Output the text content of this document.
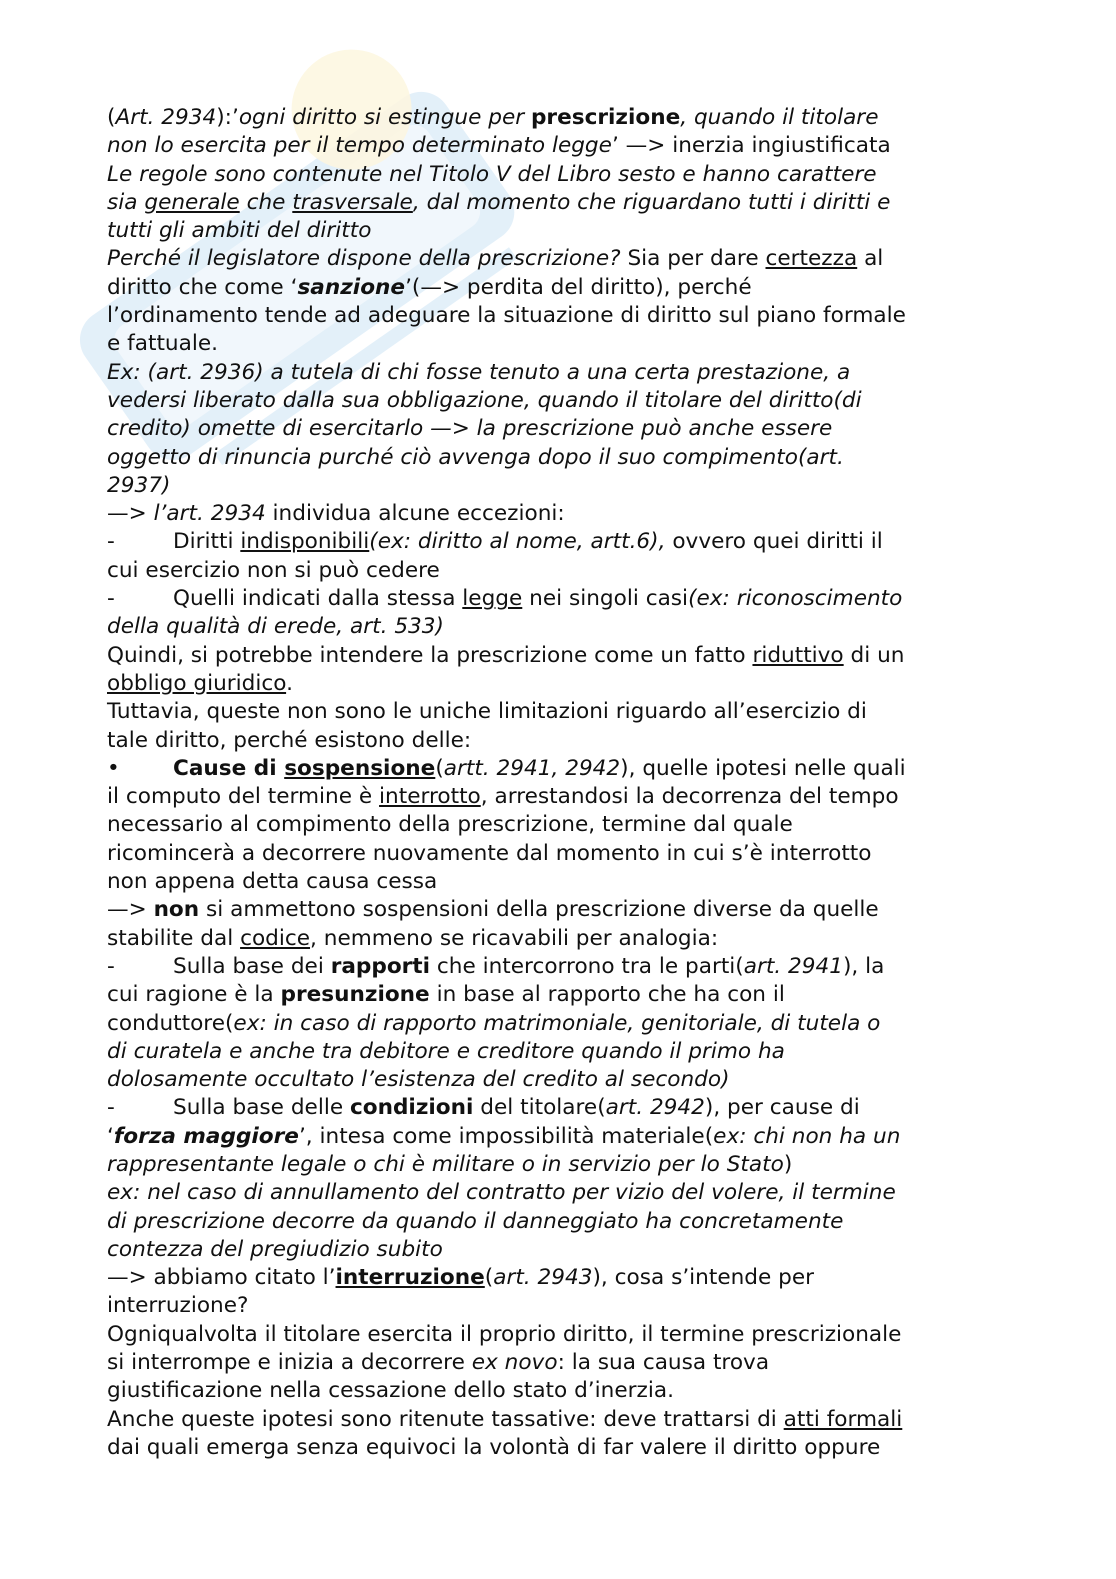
(Art. 2934):’ogni diritto si estingue per prescrizione, quando il titolare
non lo esercita per il tempo determinato legge’ —> inerzia ingiustificata
Le regole sono contenute nel Titolo V del Libro sesto e hanno carattere
sia generale che trasversale, dal momento che riguardano tutti i diritti e
tutti gli ambiti del diritto
Perché il legislatore dispone della prescrizione? Sia per dare certezza al
diritto che come ‘sanzione’(—> perdita del diritto), perché
l’ordinamento tende ad adeguare la situazione di diritto sul piano formale
e fattuale.
Ex: (art. 2936) a tutela di chi fosse tenuto a una certa prestazione, a
vedersi liberato dalla sua obbligazione, quando il titolare del diritto(di
credito) omette di esercitarlo —> la prescrizione può anche essere
oggetto di rinuncia purché ciò avvenga dopo il suo compimento(art.
2937)
—> l’art. 2934 individua alcune eccezioni:
-	Diritti indisponibili(ex: diritto al nome, artt.6), ovvero quei diritti il
cui esercizio non si può cedere
-	Quelli indicati dalla stessa legge nei singoli casi(ex: riconoscimento
della qualità di erede, art. 533)
Quindi, si potrebbe intendere la prescrizione come un fatto riduttivo di un
obbligo giuridico.
Tuttavia, queste non sono le uniche limitazioni riguardo all’esercizio di
tale diritto, perché esistono delle:
• Cause di sospensione(artt. 2941, 2942), quelle ipotesi nelle quali
il computo del termine è interrotto, arrestandosi la decorrenza del tempo
necessario al compimento della prescrizione, termine dal quale
ricomincerà a decorrere nuovamente dal momento in cui s’è interrotto
non appena detta causa cessa
—> non si ammettono sospensioni della prescrizione diverse da quelle
stabilite dal codice, nemmeno se ricavabili per analogia:
-	Sulla base dei rapporti che intercorrono tra le parti(art. 2941), la
cui ragione è la presunzione in base al rapporto che ha con il
conduttore(ex: in caso di rapporto matrimoniale, genitoriale, di tutela o
di curatela e anche tra debitore e creditore quando il primo ha
dolosamente occultato l’esistenza del credito al secondo)
-	Sulla base delle condizioni del titolare(art. 2942), per cause di
‘forza maggiore’, intesa come impossibilità materiale(ex: chi non ha un
rappresentante legale o chi è militare o in servizio per lo Stato)
ex: nel caso di annullamento del contratto per vizio del volere, il termine
di prescrizione decorre da quando il danneggiato ha concretamente
contezza del pregiudizio subito
—> abbiamo citato l’interruzione(art. 2943), cosa s’intende per
interruzione?
Ogniqualvolta il titolare esercita il proprio diritto, il termine prescrizionale
si interrompe e inizia a decorrere ex novo: la sua causa trova
giustificazione nella cessazione dello stato d’inerzia.
Anche queste ipotesi sono ritenute tassative: deve trattarsi di atti formali
dai quali emerga senza equivoci la volontà di far valere il diritto oppure
